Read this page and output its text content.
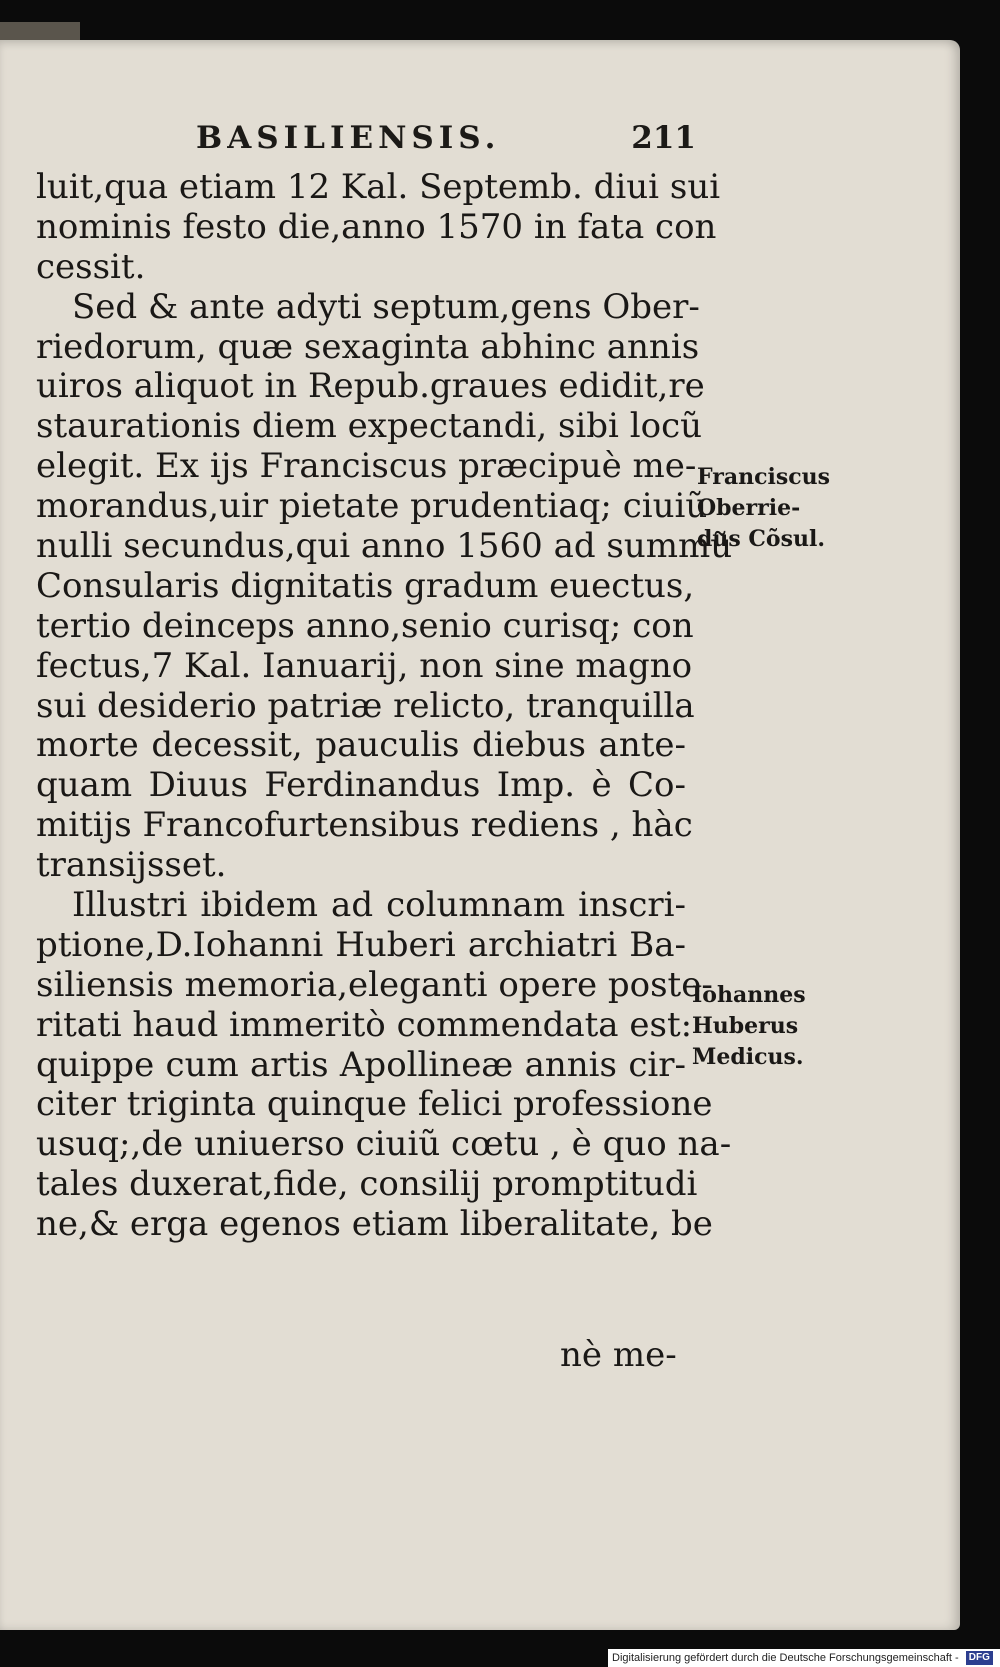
BASILIENSIS.	211
luit,qua etiam 12 Kal. Septemb. diui sui
nominis festo die,anno 1570 in fata con
cessit.
Sed & ante adyti septum,gens Ober-
riedorum, quæ sexaginta abhinc annis
uiros aliquot in Repub.graues edidit,re
staurationis diem expectandi, sibi locũ
elegit. Ex ijs Franciscus præcipuè me-
morandus,uir pietate prudentiaq; ciuiũ
nulli secundus,qui anno 1560 ad summũ
Consularis dignitatis gradum euectus,
tertio deinceps anno,senio curisq; con
fectus,7 Kal. Ianuarij, non sine magno
sui desiderio patriæ relicto, tranquilla
morte decessit, pauculis diebus ante-
quam Diuus Ferdinandus Imp. è Co-
mitijs Francofurtensibus rediens , hàc
transijsset.
Illustri ibidem ad columnam inscri-
ptione,D.Iohanni Huberi archiatri Ba-
siliensis memoria,eleganti opere poste-
ritati haud immeritò commendata est:
quippe cum artis Apollineæ annis cir-
citer triginta quinque felici professione
usuq;,de uniuerso ciuiũ cœtu , è quo na-
tales duxerat,fide, consilij promptitudi
ne,& erga egenos etiam liberalitate, be
nè me-
Franciscus
Oberrie-
dus Cõsul.
Iohannes
Huberus
Medicus.
Digitalisierung gefördert durch die Deutsche Forschungsgemeinschaft - DFG
